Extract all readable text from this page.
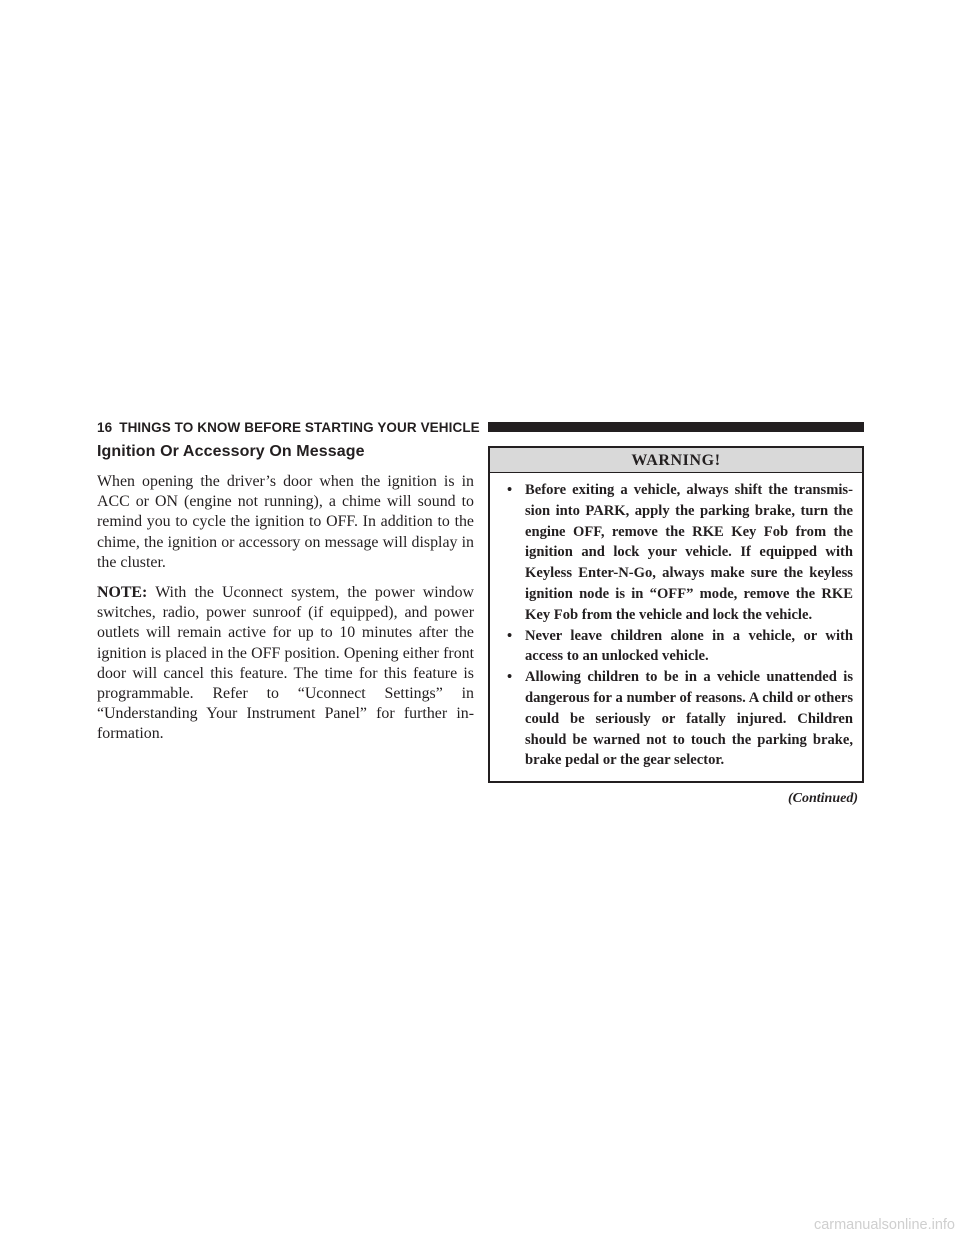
16 THINGS TO KNOW BEFORE STARTING YOUR VEHICLE
Ignition Or Accessory On Message

When opening the driver’s door when the ignition is in ACC or ON (engine not running), a chime will sound to remind you to cycle the ignition to OFF. In addition to the chime, the ignition or accessory on message will display in the cluster.

NOTE: With the Uconnect system, the power window switches, radio, power sunroof (if equipped), and power outlets will remain active for up to 10 minutes after the ignition is placed in the OFF position. Opening either front door will cancel this feature. The time for this feature is programmable. Refer to “Uconnect Settings” in “Understanding Your Instrument Panel” for further information.

WARNING!
• Before exiting a vehicle, always shift the transmission into PARK, apply the parking brake, turn the engine OFF, remove the RKE Key Fob from the ignition and lock your vehicle. If equipped with Keyless Enter-N-Go, always make sure the keyless ignition node is in “OFF” mode, remove the RKE Key Fob from the vehicle and lock the vehicle.
• Never leave children alone in a vehicle, or with access to an unlocked vehicle.
• Allowing children to be in a vehicle unattended is dangerous for a number of reasons. A child or others could be seriously or fatally injured. Children should be warned not to touch the parking brake, brake pedal or the gear selector.
(Continued)
carmanualsonline.info
